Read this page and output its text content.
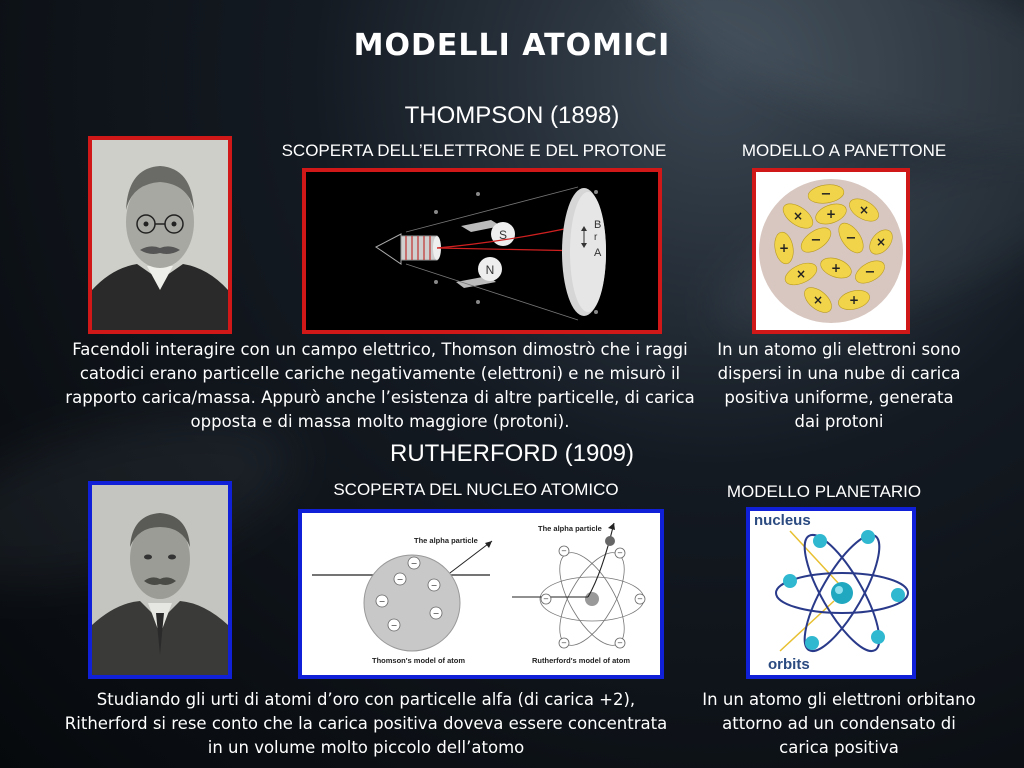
MODELLI ATOMICI
THOMPSON (1898)
SCOPERTA DELL’ELETTRONE E DEL PROTONE	MODELLO A PANETTONE
S
N
B
r
A
−
× + ×
+ − − ×
× + −
× +
Facendoli interagire con un campo elettrico, Thomson dimostrò che i raggi catodici erano particelle cariche negativamente (elettroni) e ne misurò il rapporto carica/massa. Appurò anche l’esistenza di altre particelle, di carica opposta e di massa molto maggiore (protoni).
In un atomo gli elettroni sono dispersi in una nube di carica positiva uniforme, generata dai protoni
RUTHERFORD (1909)
SCOPERTA DEL NUCLEO ATOMICO	MODELLO PLANETARIO
The alpha particle
−
−
−
−
−
−
Thomson's model of atom
The alpha particle
−	−
−
−
−
−
Rutherford's model of atom
nucleus
orbits
Studiando gli urti di atomi d’oro con particelle alfa (di carica +2), Ritherford si rese conto che la carica positiva doveva essere concentrata in un volume molto piccolo dell’atomo
In un atomo gli elettroni orbitano attorno ad un condensato di carica positiva
